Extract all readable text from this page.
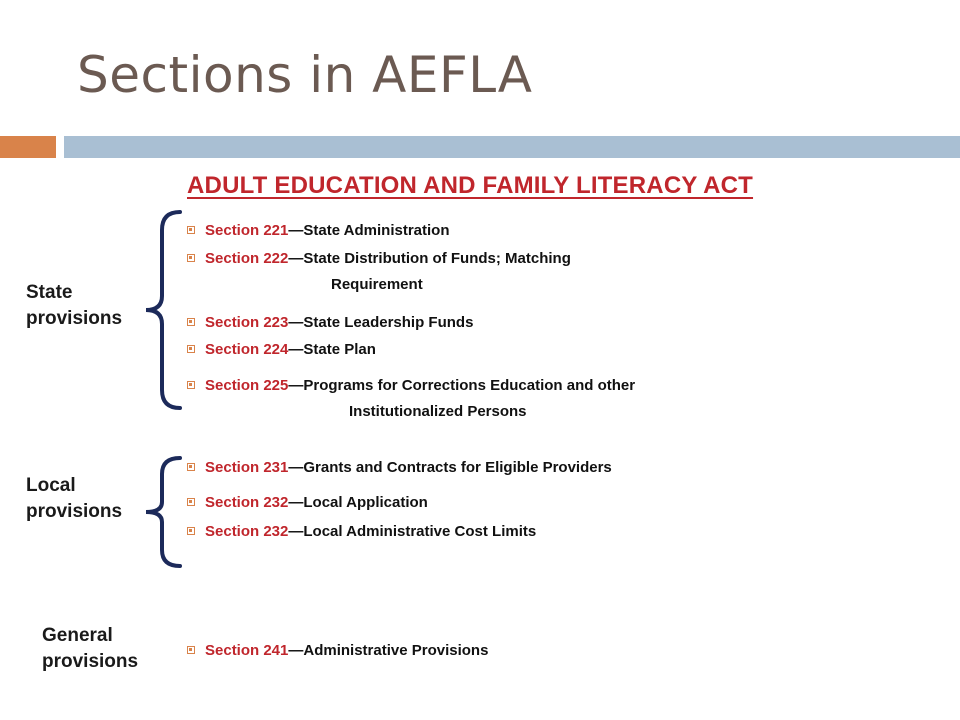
Sections in AEFLA
ADULT EDUCATION AND FAMILY LITERACY ACT
State
provisions
Section 221—State Administration
Section 222—State Distribution of Funds; Matching
Requirement
Section 223—State Leadership Funds
Section 224—State Plan
Section 225—Programs for Corrections Education and other
Institutionalized Persons
Local
provisions
Section 231—Grants and Contracts for Eligible Providers
Section 232—Local Application
Section 232—Local Administrative Cost Limits
General
provisions
Section 241—Administrative Provisions
